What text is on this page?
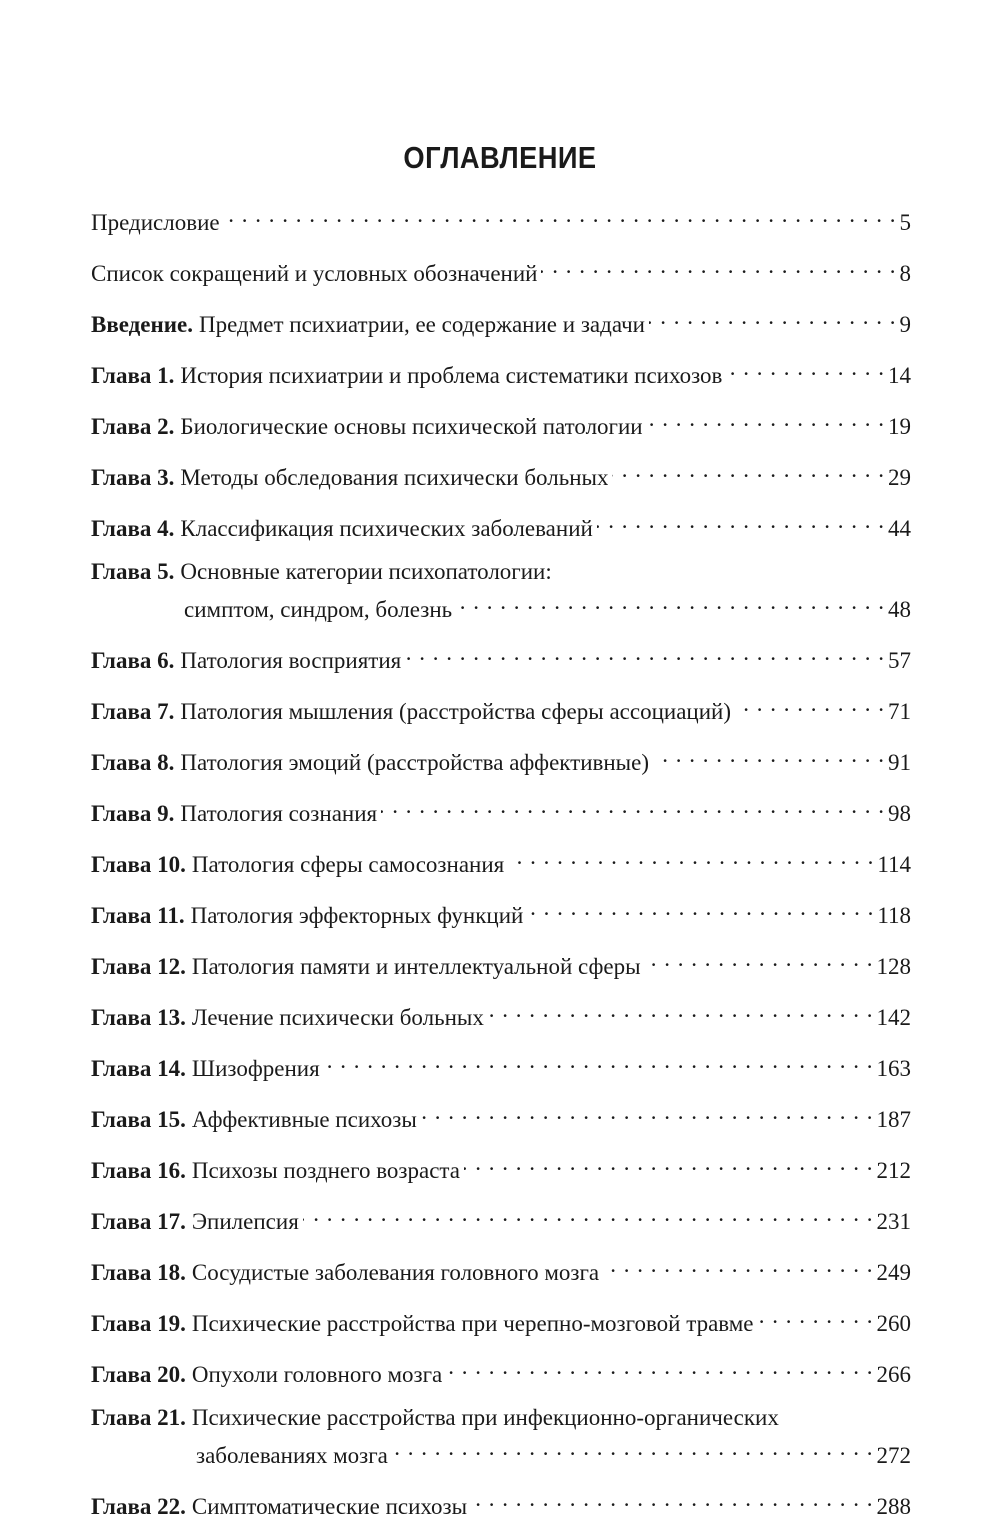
ОГЛАВЛЕНИЕ
Предисловие . . .	5
Список сокращений и условных обозначений . . .	8
Введение. Предмет психиатрии, ее содержание и задачи . . .	9
Глава 1. История психиатрии и проблема систематики психозов . . .	14
Глава 2. Биологические основы психической патологии . . .	19
Глава 3. Методы обследования психически больных . . .	29
Глава 4. Классификация психических заболеваний . . .	44
Глава 5. Основные категории психопатологии:
симптом, синдром, болезнь . . .	48
Глава 6. Патология восприятия . . .	57
Глава 7. Патология мышления (расстройства сферы ассоциаций) . . .	71
Глава 8. Патология эмоций (расстройства аффективные) . . .	91
Глава 9. Патология сознания . . .	98
Глава 10. Патология сферы самосознания . . .	114
Глава 11. Патология эффекторных функций . . .	118
Глава 12. Патология памяти и интеллектуальной сферы . . .	128
Глава 13. Лечение психически больных . . .	142
Глава 14. Шизофрения . . .	163
Глава 15. Аффективные психозы . . .	187
Глава 16. Психозы позднего возраста . . .	212
Глава 17. Эпилепсия . . .	231
Глава 18. Сосудистые заболевания головного мозга . . .	249
Глава 19. Психические расстройства при черепно-мозговой травме . . .	260
Глава 20. Опухоли головного мозга . . .	266
Глава 21. Психические расстройства при инфекционно-органических
заболеваниях мозга . . .	272
Глава 22. Симптоматические психозы . . .	288
